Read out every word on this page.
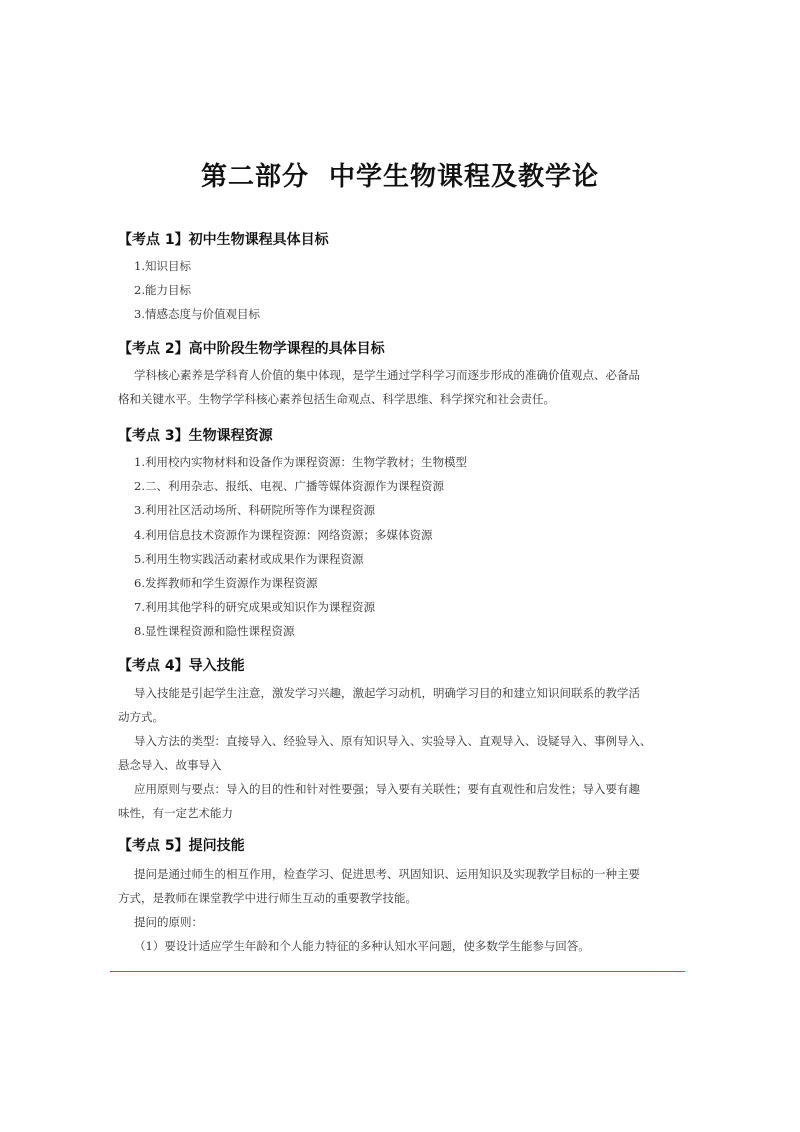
第二部分  中学生物课程及教学论
【考点 1】初中生物课程具体目标
1.知识目标
2.能力目标
3.情感态度与价值观目标
【考点 2】高中阶段生物学课程的具体目标
学科核心素养是学科育人价值的集中体现，是学生通过学科学习而逐步形成的准确价值观点、必备品
格和关键水平。生物学学科核心素养包括生命观点、科学思维、科学探究和社会责任。
【考点 3】生物课程资源
1.利用校内实物材料和设备作为课程资源：生物学教材；生物模型
2.二、利用杂志、报纸、电视、广播等媒体资源作为课程资源
3.利用社区活动场所、科研院所等作为课程资源
4.利用信息技术资源作为课程资源：网络资源；多媒体资源
5.利用生物实践活动素材或成果作为课程资源
6.发挥教师和学生资源作为课程资源
7.利用其他学科的研究成果或知识作为课程资源
8.显性课程资源和隐性课程资源
【考点 4】导入技能
导入技能是引起学生注意，激发学习兴趣，激起学习动机，明确学习目的和建立知识间联系的教学活
动方式。
导入方法的类型：直接导入、经验导入、原有知识导入、实验导入、直观导入、设疑导入、事例导入、
悬念导入、故事导入
应用原则与要点：导入的目的性和针对性要强；导入要有关联性；要有直观性和启发性；导入要有趣
味性，有一定艺术能力
【考点 5】提问技能
提问是通过师生的相互作用，检查学习、促进思考、巩固知识、运用知识及实现教学目标的一种主要
方式，是教师在课堂教学中进行师生互动的重要教学技能。
提问的原则：
（1）要设计适应学生年龄和个人能力特征的多种认知水平问题，使多数学生能参与回答。
